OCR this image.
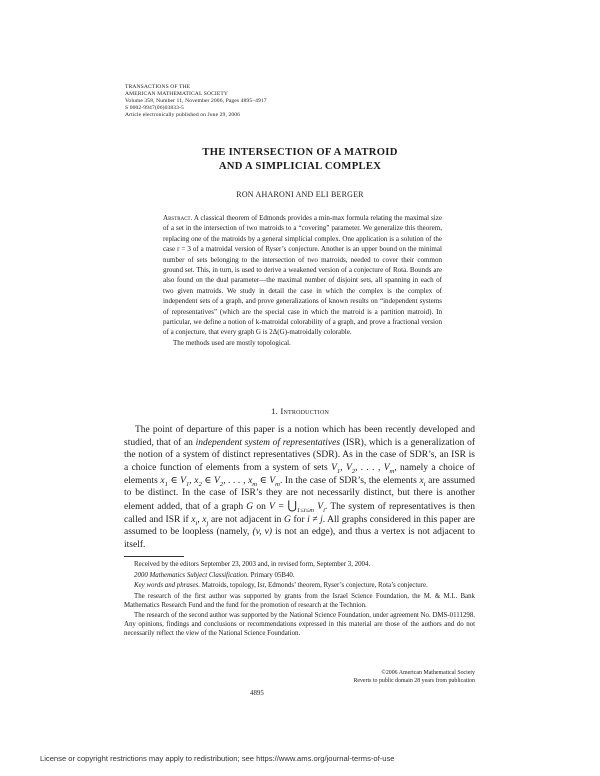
TRANSACTIONS OF THE
AMERICAN MATHEMATICAL SOCIETY
Volume 358, Number 11, November 2006, Pages 4895–4917
S 0002-9947(06)03833-5
Article electronically published on June 29, 2006
THE INTERSECTION OF A MATROID
AND A SIMPLICIAL COMPLEX
RON AHARONI AND ELI BERGER

Abstract. A classical theorem of Edmonds provides a min-max formula relating the maximal size of a set in the intersection of two matroids to a “covering” parameter. We generalize this theorem, replacing one of the matroids by a general simplicial complex. One application is a solution of the case r = 3 of a matroidal version of Ryser’s conjecture. Another is an upper bound on the minimal number of sets belonging to the intersection of two matroids, needed to cover their common ground set. This, in turn, is used to derive a weakened version of a conjecture of Rota. Bounds are also found on the dual parameter—the maximal number of disjoint sets, all spanning in each of two given matroids. We study in detail the case in which the complex is the complex of independent sets of a graph, and prove generalizations of known results on “independent systems of representatives” (which are the special case in which the matroid is a partition matroid). In particular, we define a notion of k-matroidal colorability of a graph, and prove a fractional version of a conjecture, that every graph G is 2Δ(G)-matroidally colorable.

The methods used are mostly topological.

1. Introduction
The point of departure of this paper is a notion which has been recently developed and studied, that of an independent system of representatives (ISR), which is a generalization of the notion of a system of distinct representatives (SDR). As in the case of SDR’s, an ISR is a choice function of elements from a system of sets $V_1$, $V_2$, . . . , $V_m$, namely a choice of elements $x_1$ ∈ $V_1$, $x_2$ ∈ $V_2$, . . . , $x_m$ ∈ $V_m$. In the case of SDR’s, the elements $x_i$ are assumed to be distinct. In the case of ISR’s they are not necessarily distinct, but there is another element added, that of a graph G on $V = ⋃_{1\le i\le m}$ $V_i$. The system of representatives is then called and ISR if $x_i$, $x_j$ are not adjacent in G for i ≠ j. All graphs considered in this paper are assumed to be loopless (namely, (v, v) is not an edge), and thus a vertex is not adjacent to itself.

Received by the editors September 23, 2003 and, in revised form, September 3, 2004.

2000 Mathematics Subject Classification. Primary 05B40.

Key words and phrases. Matroids, topology, Isr, Edmonds’ theorem, Ryser’s conjecture, Rota’s conjecture.

The research of the first author was supported by grants from the Israel Science Foundation, the M. & M.L. Bank Mathematics Research Fund and the fund for the promotion of research at the Technion.

The research of the second author was supported by the National Science Foundation, under agreement No. DMS-0111298. Any opinions, findings and conclusions or recommendations expressed in this material are those of the authors and do not necessarily reflect the view of the National Science Foundation.

©2006 American Mathematical Society
Reverts to public domain 28 years from publication
4895
License or copyright restrictions may apply to redistribution; see https://www.ams.org/journal-terms-of-use
